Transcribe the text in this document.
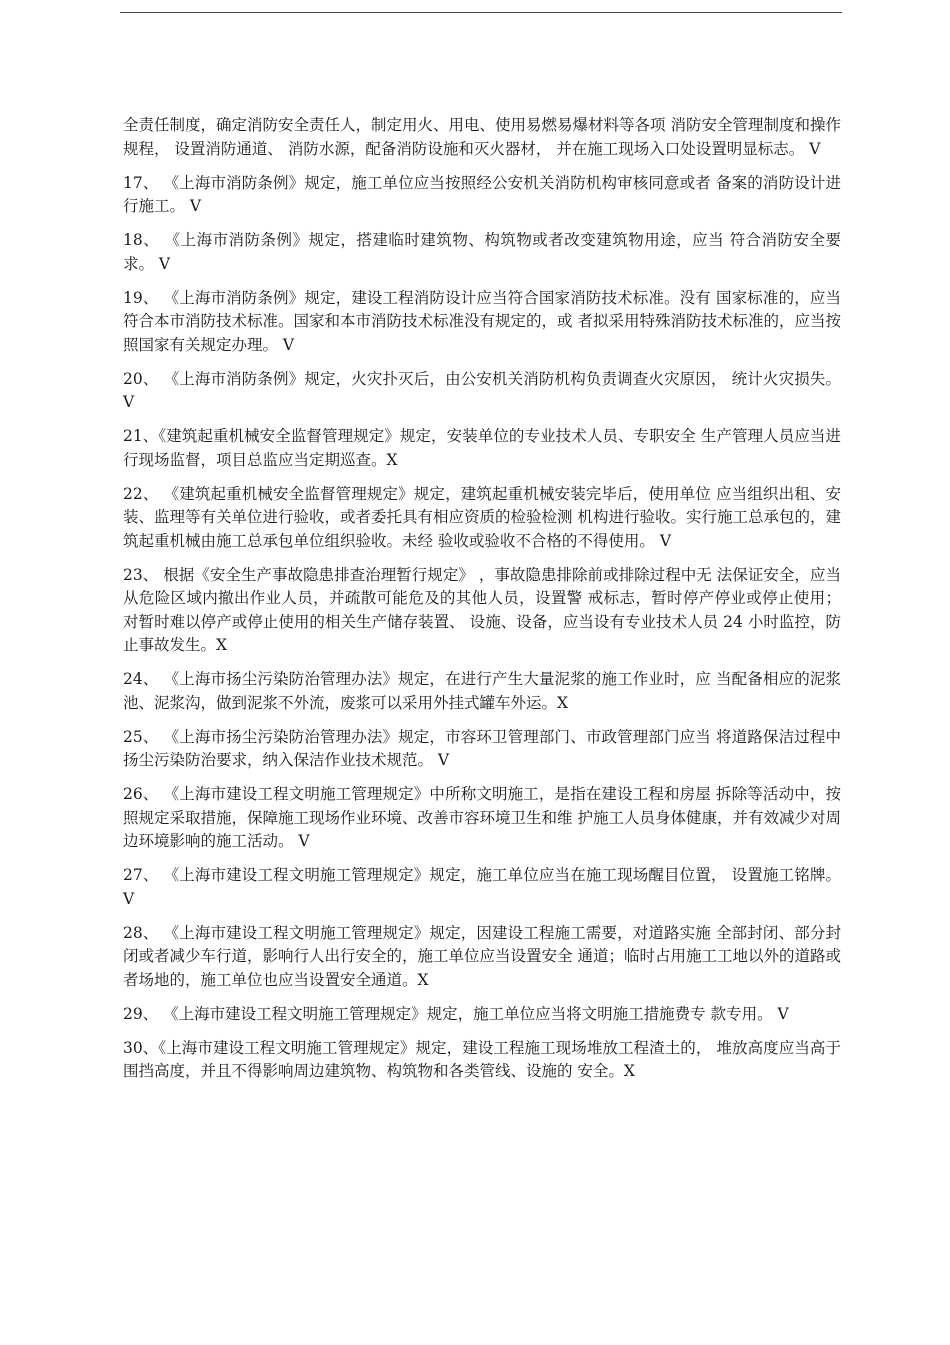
全责任制度，确定消防安全责任人，制定用火、用电、使用易燃易爆材料等各项 消防安全管理制度和操作规程， 设置消防通道、 消防水源，配备消防设施和灭火器材， 并在施工现场入口处设置明显标志。 V

17、 《上海市消防条例》规定，施工单位应当按照经公安机关消防机构审核同意或者 备案的消防设计进行施工。 V

18、 《上海市消防条例》规定，搭建临时建筑物、构筑物或者改变建筑物用途，应当 符合消防安全要求。 V

19、 《上海市消防条例》规定，建设工程消防设计应当符合国家消防技术标准。没有 国家标准的，应当符合本市消防技术标准。国家和本市消防技术标准没有规定的，或 者拟采用特殊消防技术标准的，应当按照国家有关规定办理。 V

20、 《上海市消防条例》规定，火灾扑灭后，由公安机关消防机构负责调查火灾原因， 统计火灾损失。 V

21、《建筑起重机械安全监督管理规定》规定，安装单位的专业技术人员、专职安全 生产管理人员应当进行现场监督，项目总监应当定期巡查。X

22、 《建筑起重机械安全监督管理规定》规定，建筑起重机械安装完毕后，使用单位 应当组织出租、安装、监理等有关单位进行验收，或者委托具有相应资质的检验检测 机构进行验收。实行施工总承包的，建筑起重机械由施工总承包单位组织验收。未经 验收或验收不合格的不得使用。 V

23、 根据《安全生产事故隐患排查治理暂行规定》 ，事故隐患排除前或排除过程中无 法保证安全，应当从危险区域内撤出作业人员，并疏散可能危及的其他人员，设置警 戒标志，暂时停产停业或停止使用； 对暂时难以停产或停止使用的相关生产储存装置、 设施、设备，应当设有专业技术人员 24 小时监控，防止事故发生。X

24、 《上海市扬尘污染防治管理办法》规定，在进行产生大量泥浆的施工作业时，应 当配备相应的泥浆池、泥浆沟，做到泥浆不外流，废浆可以采用外挂式罐车外运。X

25、 《上海市扬尘污染防治管理办法》规定，市容环卫管理部门、市政管理部门应当 将道路保洁过程中扬尘污染防治要求，纳入保洁作业技术规范。 V

26、 《上海市建设工程文明施工管理规定》中所称文明施工，是指在建设工程和房屋 拆除等活动中，按照规定采取措施，保障施工现场作业环境、改善市容环境卫生和维 护施工人员身体健康，并有效减少对周边环境影响的施工活动。 V

27、 《上海市建设工程文明施工管理规定》规定，施工单位应当在施工现场醒目位置， 设置施工铭牌。 V

28、 《上海市建设工程文明施工管理规定》规定，因建设工程施工需要，对道路实施 全部封闭、部分封闭或者减少车行道，影响行人出行安全的，施工单位应当设置安全 通道；临时占用施工工地以外的道路或者场地的，施工单位也应当设置安全通道。X

29、 《上海市建设工程文明施工管理规定》规定，施工单位应当将文明施工措施费专 款专用。 V

30、《上海市建设工程文明施工管理规定》规定，建设工程施工现场堆放工程渣土的， 堆放高度应当高于围挡高度，并且不得影响周边建筑物、构筑物和各类管线、设施的 安全。X
